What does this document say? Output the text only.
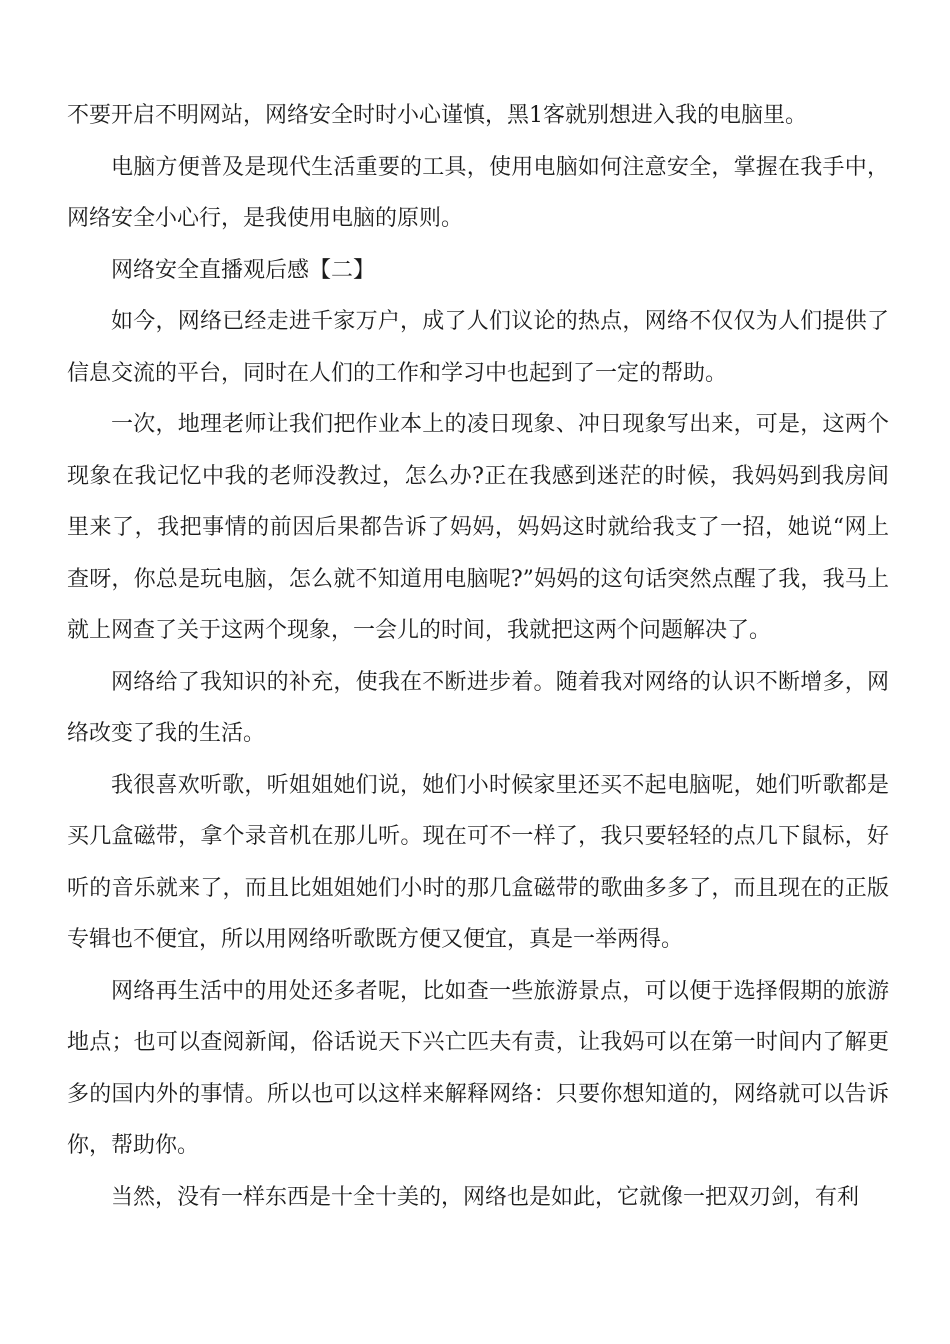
不要开启不明网站，网络安全时时小心谨慎，黑1客就别想进入我的电脑里。

电脑方便普及是现代生活重要的工具，使用电脑如何注意安全，掌握在我手中，网络安全小心行，是我使用电脑的原则。

网络安全直播观后感【二】

如今，网络已经走进千家万户，成了人们议论的热点，网络不仅仅为人们提供了信息交流的平台，同时在人们的工作和学习中也起到了一定的帮助。

一次，地理老师让我们把作业本上的凌日现象、冲日现象写出来，可是，这两个现象在我记忆中我的老师没教过，怎么办?正在我感到迷茫的时候，我妈妈到我房间里来了，我把事情的前因后果都告诉了妈妈，妈妈这时就给我支了一招，她说“网上查呀，你总是玩电脑，怎么就不知道用电脑呢?”妈妈的这句话突然点醒了我，我马上就上网查了关于这两个现象，一会儿的时间，我就把这两个问题解决了。

网络给了我知识的补充，使我在不断进步着。随着我对网络的认识不断增多，网络改变了我的生活。

我很喜欢听歌，听姐姐她们说，她们小时候家里还买不起电脑呢，她们听歌都是买几盒磁带，拿个录音机在那儿听。现在可不一样了，我只要轻轻的点几下鼠标，好听的音乐就来了，而且比姐姐她们小时的那几盒磁带的歌曲多多了，而且现在的正版专辑也不便宜，所以用网络听歌既方便又便宜，真是一举两得。

网络再生活中的用处还多者呢，比如查一些旅游景点，可以便于选择假期的旅游地点；也可以查阅新闻，俗话说天下兴亡匹夫有责，让我妈可以在第一时间内了解更多的国内外的事情。所以也可以这样来解释网络：只要你想知道的，网络就可以告诉你，帮助你。

当然，没有一样东西是十全十美的，网络也是如此，它就像一把双刃剑，有利
